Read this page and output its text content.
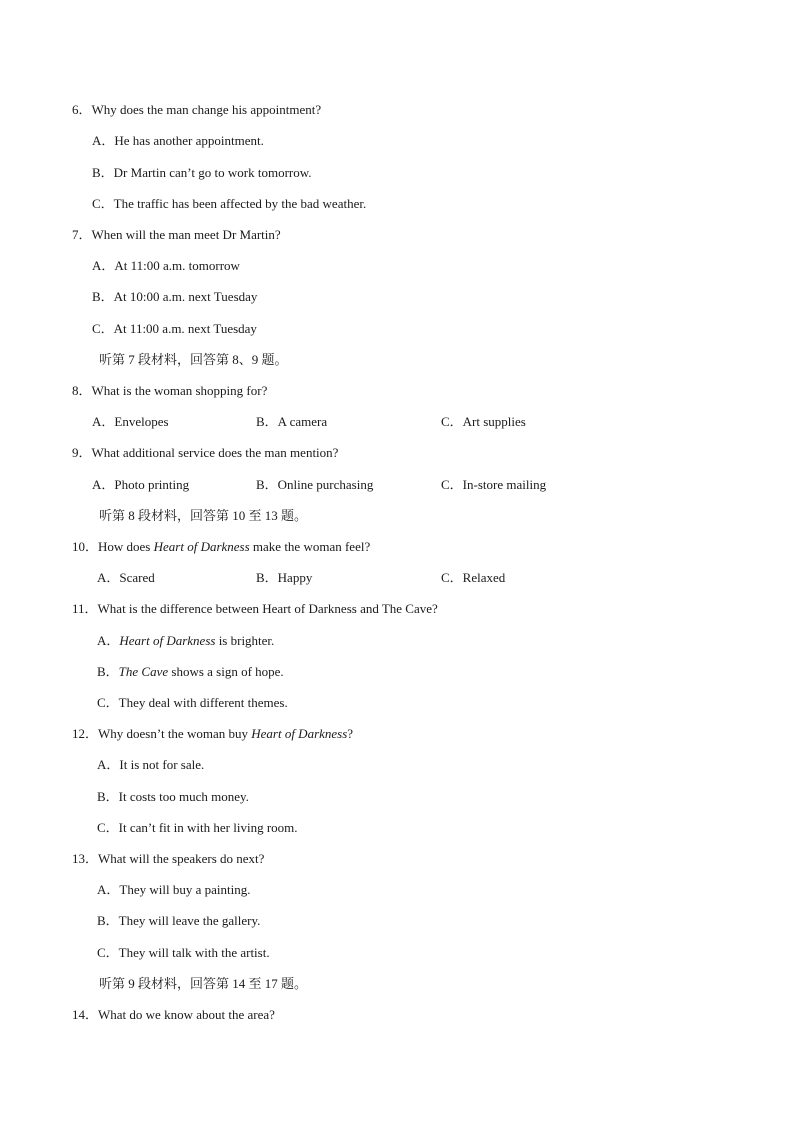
6．Why does the man change his appointment?
A．He has another appointment.
B．Dr Martin can’t go to work tomorrow.
C．The traffic has been affected by the bad weather.
7．When will the man meet Dr Martin?
A．At 11:00 a.m. tomorrow
B．At 10:00 a.m. next Tuesday
C．At 11:00 a.m. next Tuesday
听第 7 段材料，回答第 8、9 题。
8．What is the woman shopping for?
A．Envelopes	B．A camera	C．Art supplies
9．What additional service does the man mention?
A．Photo printing	B．Online purchasing	C．In-store mailing
听第 8 段材料，回答第 10 至 13 题。
10．How does Heart of Darkness make the woman feel?
A．Scared	B．Happy	C．Relaxed
11．What is the difference between Heart of Darkness and The Cave?
A．Heart of Darkness is brighter.
B．The Cave shows a sign of hope.
C．They deal with different themes.
12．Why doesn’t the woman buy Heart of Darkness?
A．It is not for sale.
B．It costs too much money.
C．It can’t fit in with her living room.
13．What will the speakers do next?
A．They will buy a painting.
B．They will leave the gallery.
C．They will talk with the artist.
听第 9 段材料，回答第 14 至 17 题。
14．What do we know about the area?
